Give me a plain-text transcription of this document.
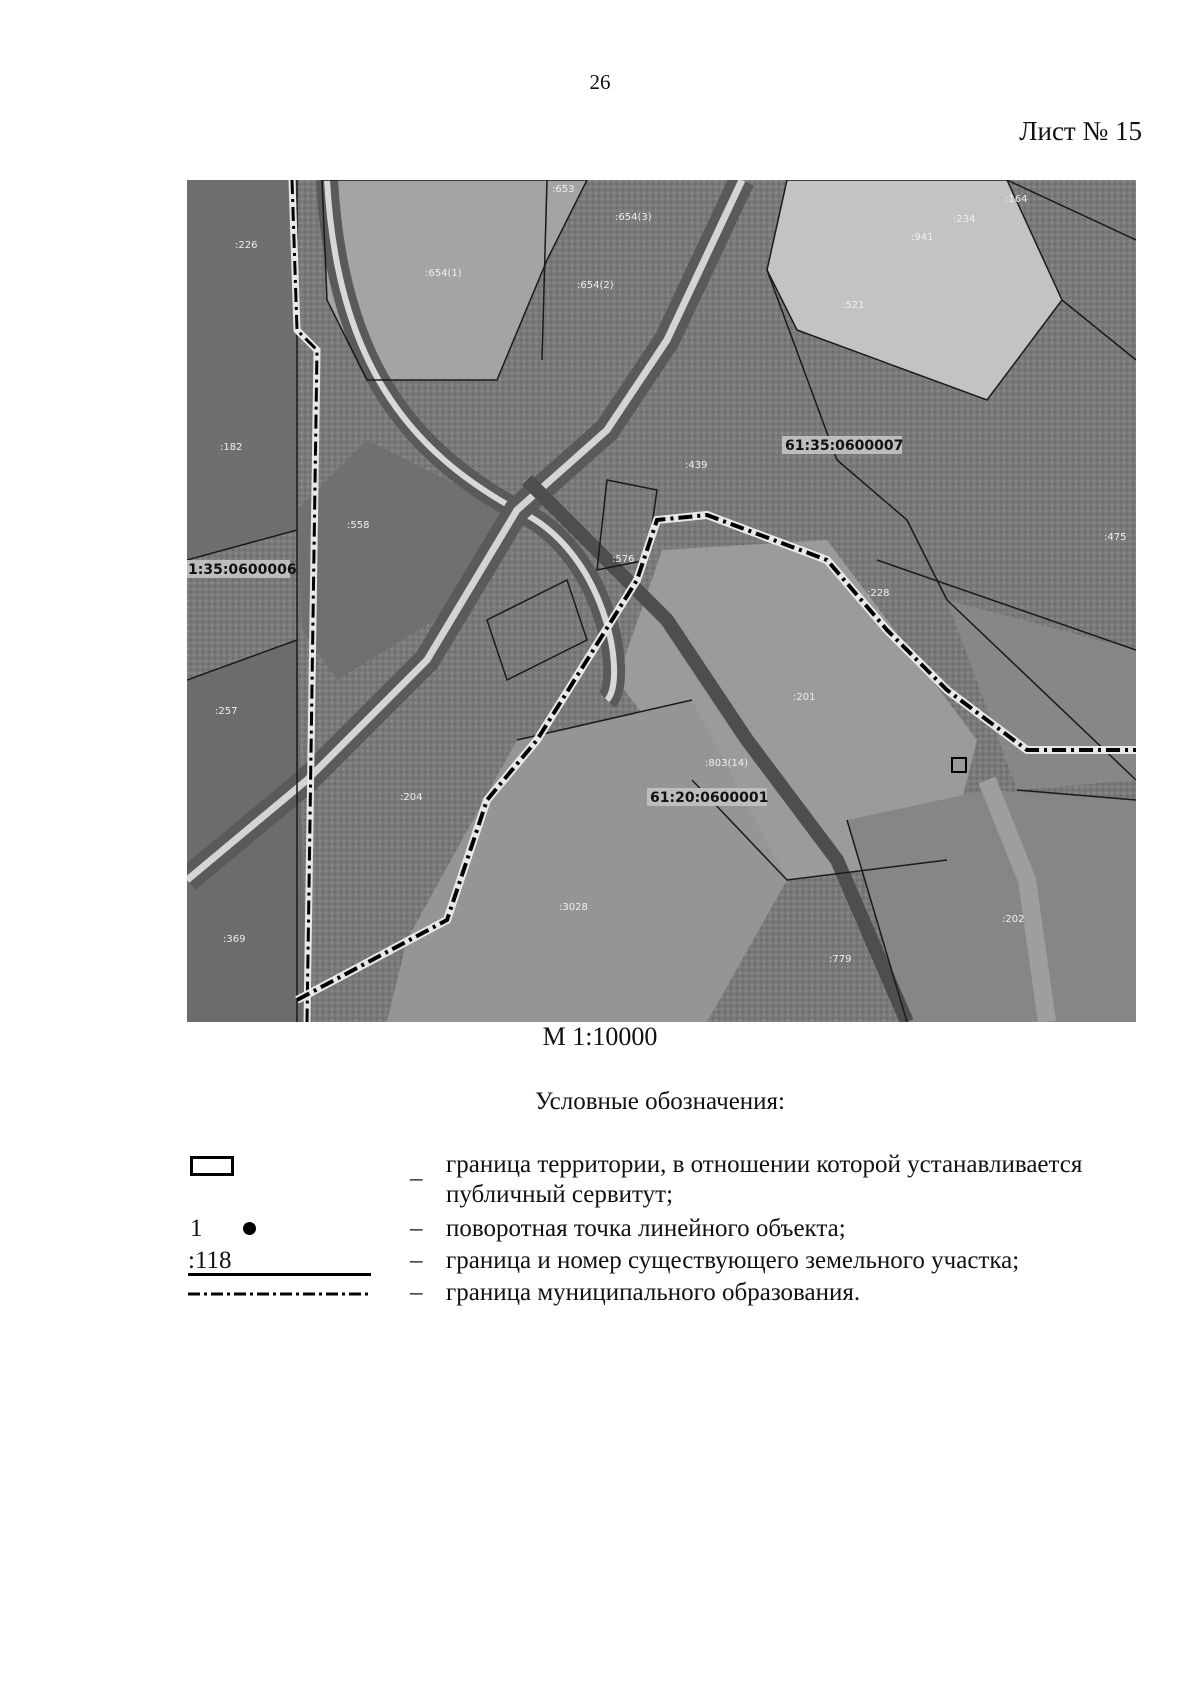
26
Лист № 15
61:35:0600007
1:35:0600006
61:20:0600001
:653
:654(3)
:164
:234
:941
:226
:654(1)
:654(2)
:521
:182
:439
:558
:475
:576
:228
:257
:201
:803(14)
:204
:3028
:202
:369
:779
М 1:10000
Условные обозначения:
–
граница территории, в отношении которой устанавливается публичный сервитут;
1	– поворотная точка линейного объекта;
:118	– граница и номер существующего земельного участка;
– граница муниципального образования.
